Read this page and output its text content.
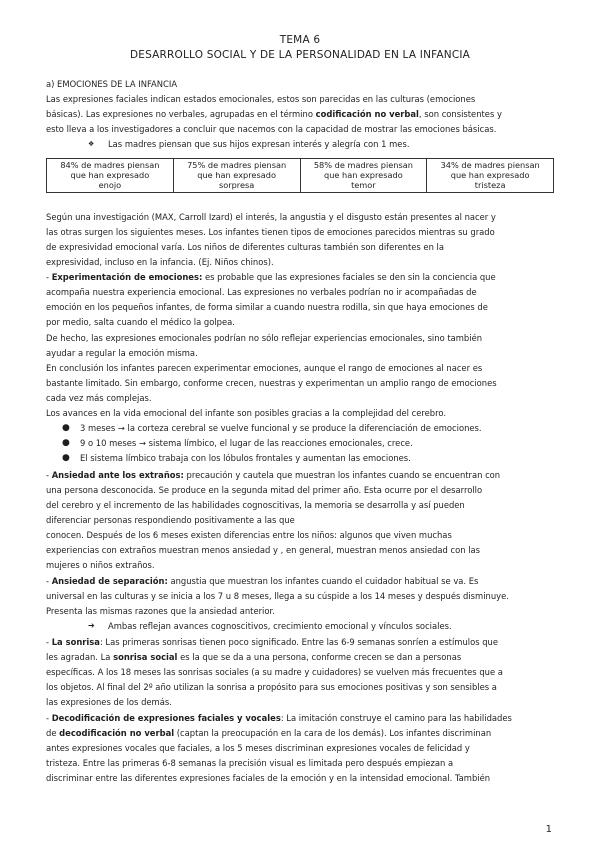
TEMA 6
DESARROLLO SOCIAL Y DE LA PERSONALIDAD EN LA INFANCIA
a) EMOCIONES DE LA INFANCIA
Las expresiones faciales indican estados emocionales, estos son parecidas en las culturas (emociones
básicas). Las expresiones no verbales, agrupadas en el término codificación no verbal, son consistentes y
esto lleva a los investigadores a concluir que nacemos con la capacidad de mostrar las emociones básicas.
❖ Las madres piensan que sus hijos expresan interés y alegría con 1 mes.
84% de madres piensan
que han expresado
enojo	75% de madres piensan
que han expresado
sorpresa	58% de madres piensan
que han expresado
temor	34% de madres piensan
que han expresado
tristeza
Según una investigación (MAX, Carroll Izard) el interés, la angustia y el disgusto están presentes al nacer y
las otras surgen los siguientes meses. Los infantes tienen tipos de emociones parecidos mientras su grado
de expresividad emocional varía. Los niños de diferentes culturas también son diferentes en la
expresividad, incluso en la infancia. (Ej. Niños chinos).
- Experimentación de emociones: es probable que las expresiones faciales se den sin la conciencia que
acompaña nuestra experiencia emocional. Las expresiones no verbales podrían no ir acompañadas de
emoción en los pequeños infantes, de forma similar a cuando nuestra rodilla, sin que haya emociones de
por medio, salta cuando el médico la golpea.
De hecho, las expresiones emocionales podrían no sólo reflejar experiencias emocionales, sino también
ayudar a regular la emoción misma.
En conclusión los infantes parecen experimentar emociones, aunque el rango de emociones al nacer es
bastante limitado. Sin embargo, conforme crecen, nuestras y experimentan un amplio rango de emociones
cada vez más complejas.
Los avances en la vida emocional del infante son posibles gracias a la complejidad del cerebro.
● 3 meses → la corteza cerebral se vuelve funcional y se produce la diferenciación de emociones.
● 9 o 10 meses → sistema límbico, el lugar de las reacciones emocionales, crece.
● El sistema límbico trabaja con los lóbulos frontales y aumentan las emociones.
- Ansiedad ante los extraños: precaución y cautela que muestran los infantes cuando se encuentran con
una persona desconocida. Se produce en la segunda mitad del primer año. Esta ocurre por el desarrollo
del cerebro y el incremento de las habilidades cognoscitivas, la memoria se desarrolla y así pueden
diferenciar personas respondiendo positivamente a las que
conocen. Después de los 6 meses existen diferencias entre los niños: algunos que viven muchas
experiencias con extraños muestran menos ansiedad y , en general, muestran menos ansiedad con las
mujeres o niños extraños.
- Ansiedad de separación: angustia que muestran los infantes cuando el cuidador habitual se va. Es
universal en las culturas y se inicia a los 7 u 8 meses, llega a su cúspide a los 14 meses y después disminuye.
Presenta las mismas razones que la ansiedad anterior.
➔ Ambas reflejan avances cognoscitivos, crecimiento emocional y vínculos sociales.
- La sonrisa: Las primeras sonrisas tienen poco significado. Entre las 6-9 semanas sonríen a estímulos que
les agradan. La sonrisa social es la que se da a una persona, conforme crecen se dan a personas
específicas. A los 18 meses las sonrisas sociales (a su madre y cuidadores) se vuelven más frecuentes que a
los objetos. Al final del 2º año utilizan la sonrisa a propósito para sus emociones positivas y son sensibles a
las expresiones de los demás.
- Decodificación de expresiones faciales y vocales: La imitación construye el camino para las habilidades
de decodificación no verbal (captan la preocupación en la cara de los demás). Los infantes discriminan
antes expresiones vocales que faciales, a los 5 meses discriminan expresiones vocales de felicidad y
tristeza. Entre las primeras 6-8 semanas la precisión visual es limitada pero después empiezan a
discriminar entre las diferentes expresiones faciales de la emoción y en la intensidad emocional. También
1
